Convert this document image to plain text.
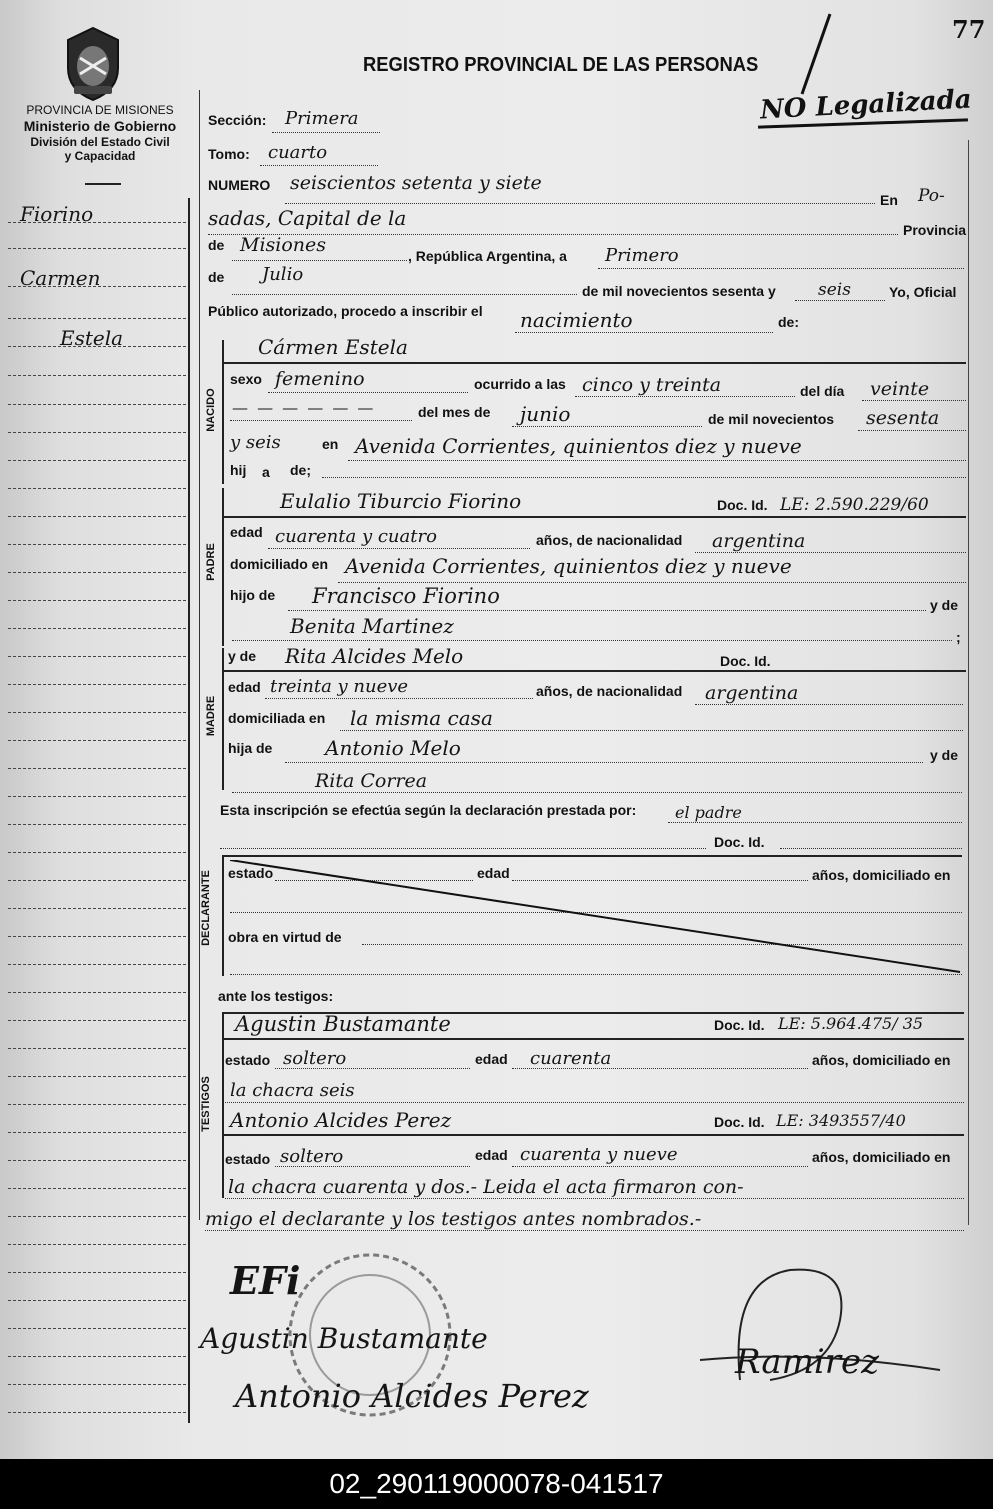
77
PROVINCIA DE MISIONES
Ministerio de Gobierno
División del Estado Civil
y Capacidad
REGISTRO PROVINCIAL DE LAS PERSONAS
NO Legalizada
Fiorino
Carmen
Estela
Sección: Primera
Tomo: cuarto
NUMERO seiscientos setenta y siete
En Po-
sadas, Capital de la	Provincia
de Misiones	, República Argentina, a Primero
de Julio
de mil novecientos sesenta y seis	Yo, Oficial
Público autorizado, procedo a inscribir el nacimiento	de:
NACIDO
Cármen Estela
sexo femenino	ocurrido a las cinco y treinta	del día veinte
— — — — — —	del mes de junio	de mil novecientos sesenta
y seis	en Avenida Corrientes, quinientos diez y nueve
hij a de;
PADRE
Eulalio Tiburcio Fiorino	Doc. Id. LE: 2.590.229/60
edad cuarenta y cuatro	años, de nacionalidad argentina
domiciliado en Avenida Corrientes, quinientos diez y nueve
hijo de Francisco Fiorino	y de
Benita Martinez	;
MADRE
y de Rita Alcides Melo	Doc. Id.
edad treinta y nueve	años, de nacionalidad argentina
domiciliada en la misma casa
hija de	Antonio Melo	y de
Rita Correa
Esta inscripción se efectúa según la declaración prestada por: el padre
Doc. Id.
DECLARANTE estado	edad	años, domiciliado en
obra en virtud de
ante los testigos:
TESTIGOS
Agustin Bustamante	Doc. Id. LE: 5.964.475/ 35
estado soltero	edad cuarenta	años, domiciliado en
la chacra seis
Antonio Alcides Perez	Doc. Id. LE: 3493557/40
estado soltero	edad cuarenta y nueve	años, domiciliado en
la chacra cuarenta y dos.- Leida el acta firmaron con-
migo el declarante y los testigos antes nombrados.-
EFi
Agustin Bustamante
Antonio Alcides Perez
Ramirez
02_290119000078-041517
